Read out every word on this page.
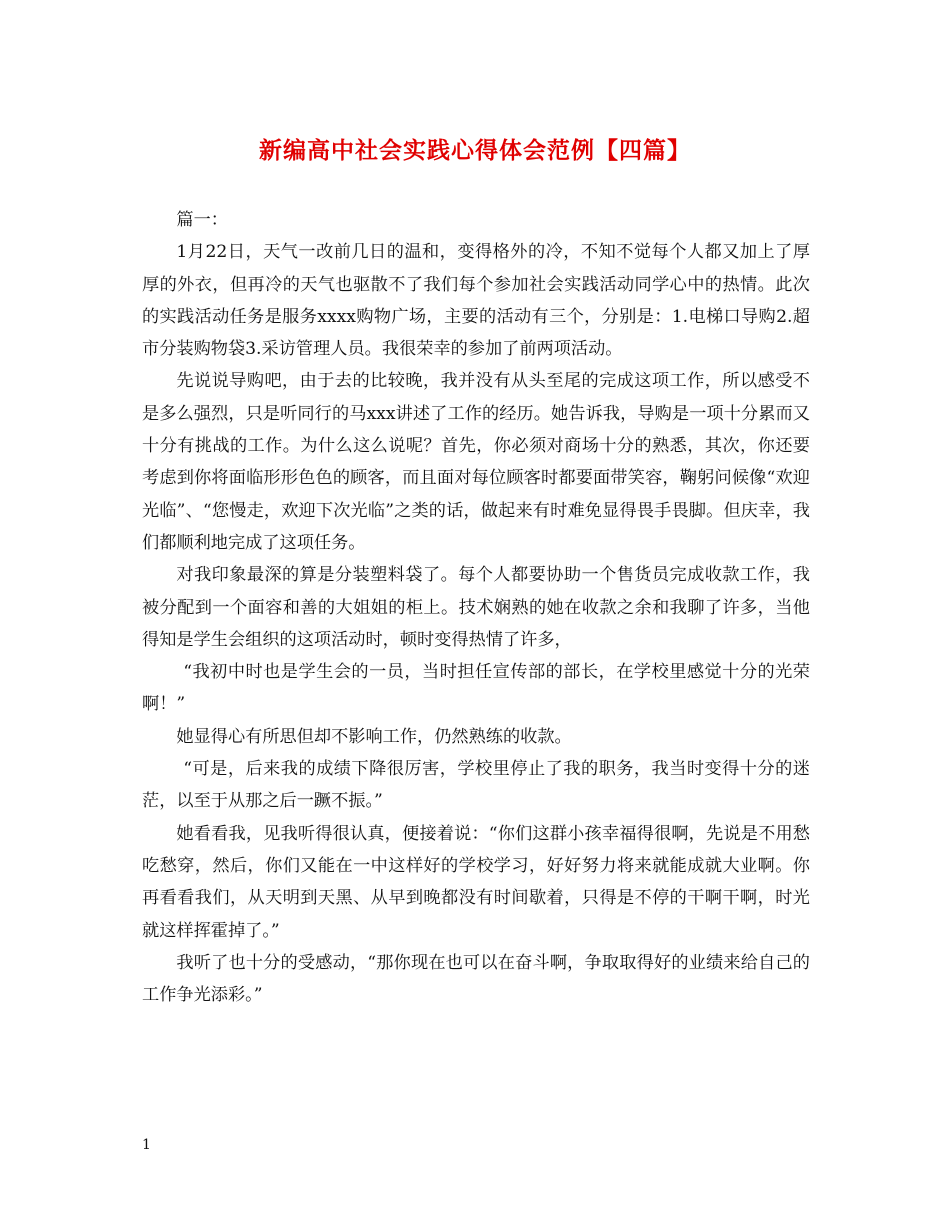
新编高中社会实践心得体会范例【四篇】

篇一：

1月22日，天气一改前几日的温和，变得格外的冷，不知不觉每个人都又加上了厚厚的外衣，但再冷的天气也驱散不了我们每个参加社会实践活动同学心中的热情。此次的实践活动任务是服务xxxx购物广场，主要的活动有三个，分别是：1.电梯口导购2.超市分装购物袋3.采访管理人员。我很荣幸的参加了前两项活动。

先说说导购吧，由于去的比较晚，我并没有从头至尾的完成这项工作，所以感受不是多么强烈，只是听同行的马xxx讲述了工作的经历。她告诉我，导购是一项十分累而又十分有挑战的工作。为什么这么说呢？首先，你必须对商场十分的熟悉，其次，你还要考虑到你将面临形形色色的顾客，而且面对每位顾客时都要面带笑容，鞠躬问候像“欢迎光临”、“您慢走，欢迎下次光临”之类的话，做起来有时难免显得畏手畏脚。但庆幸，我们都顺利地完成了这项任务。

对我印象最深的算是分装塑料袋了。每个人都要协助一个售货员完成收款工作，我被分配到一个面容和善的大姐姐的柜上。技术娴熟的她在收款之余和我聊了许多，当他得知是学生会组织的这项活动时，顿时变得热情了许多，

“我初中时也是学生会的一员，当时担任宣传部的部长，在学校里感觉十分的光荣啊！”

她显得心有所思但却不影响工作，仍然熟练的收款。

“可是，后来我的成绩下降很厉害，学校里停止了我的职务，我当时变得十分的迷茫，以至于从那之后一蹶不振。”

她看看我，见我听得很认真，便接着说：“你们这群小孩幸福得很啊，先说是不用愁吃愁穿，然后，你们又能在一中这样好的学校学习，好好努力将来就能成就大业啊。你再看看我们，从天明到天黑、从早到晚都没有时间歇着，只得是不停的干啊干啊，时光就这样挥霍掉了。”

我听了也十分的受感动，“那你现在也可以在奋斗啊，争取取得好的业绩来给自己的工作争光添彩。”

1
